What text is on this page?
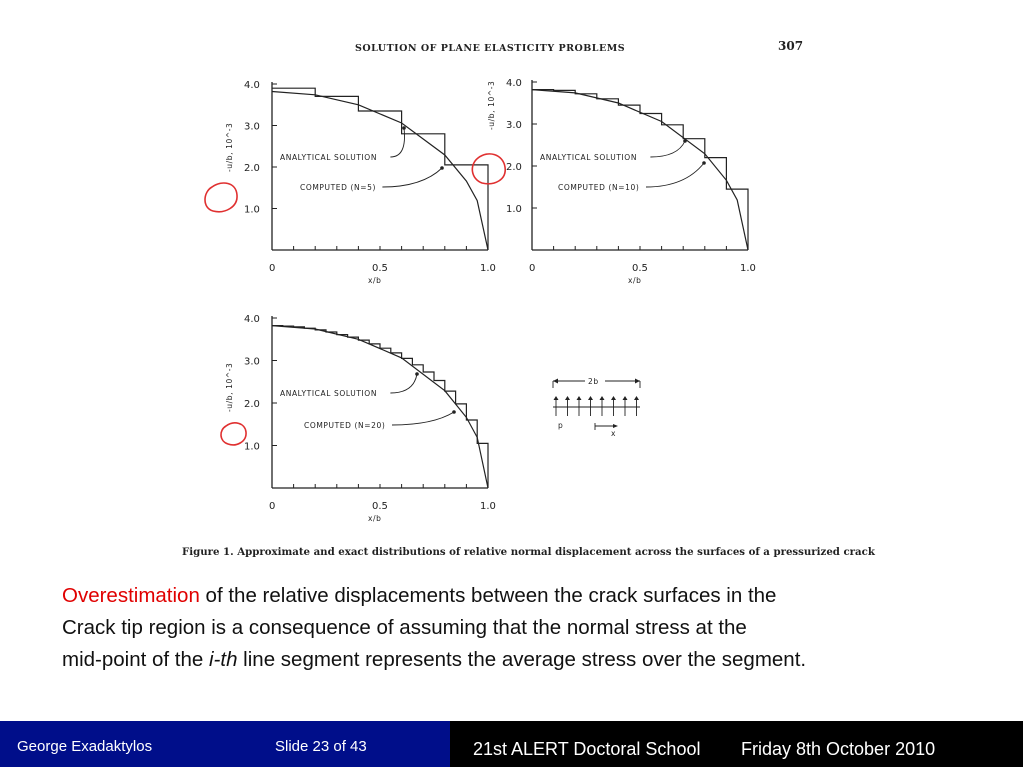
SOLUTION OF PLANE ELASTICITY PROBLEMS	307
1.0
2.0
3.0
4.0
0	0.5	1.0
x/b
-u/b, 10^-3	ANALYTICAL SOLUTION
COMPUTED (N=5)
1.0
2.0
3.0
4.0
0	0.5	1.0
x/b
-u/b, 10^-3
ANALYTICAL SOLUTION
COMPUTED (N=10)
1.0
2.0
3.0
4.0
0	0.5	1.0
x/b
-u/b, 10^-3	ANALYTICAL SOLUTION
COMPUTED (N=20)
2b
p
x
Figure 1. Approximate and exact distributions of relative normal displacement across the surfaces of a pressurized crack
Overestimation of the relative displacements between the crack surfaces in the
Crack tip region is a consequence of assuming that the normal stress at the
mid-point of the i-th line segment represents the average stress over the segment.
George Exadaktylos	Slide 23 of 43	21st ALERT Doctoral School Friday 8th October 2010
